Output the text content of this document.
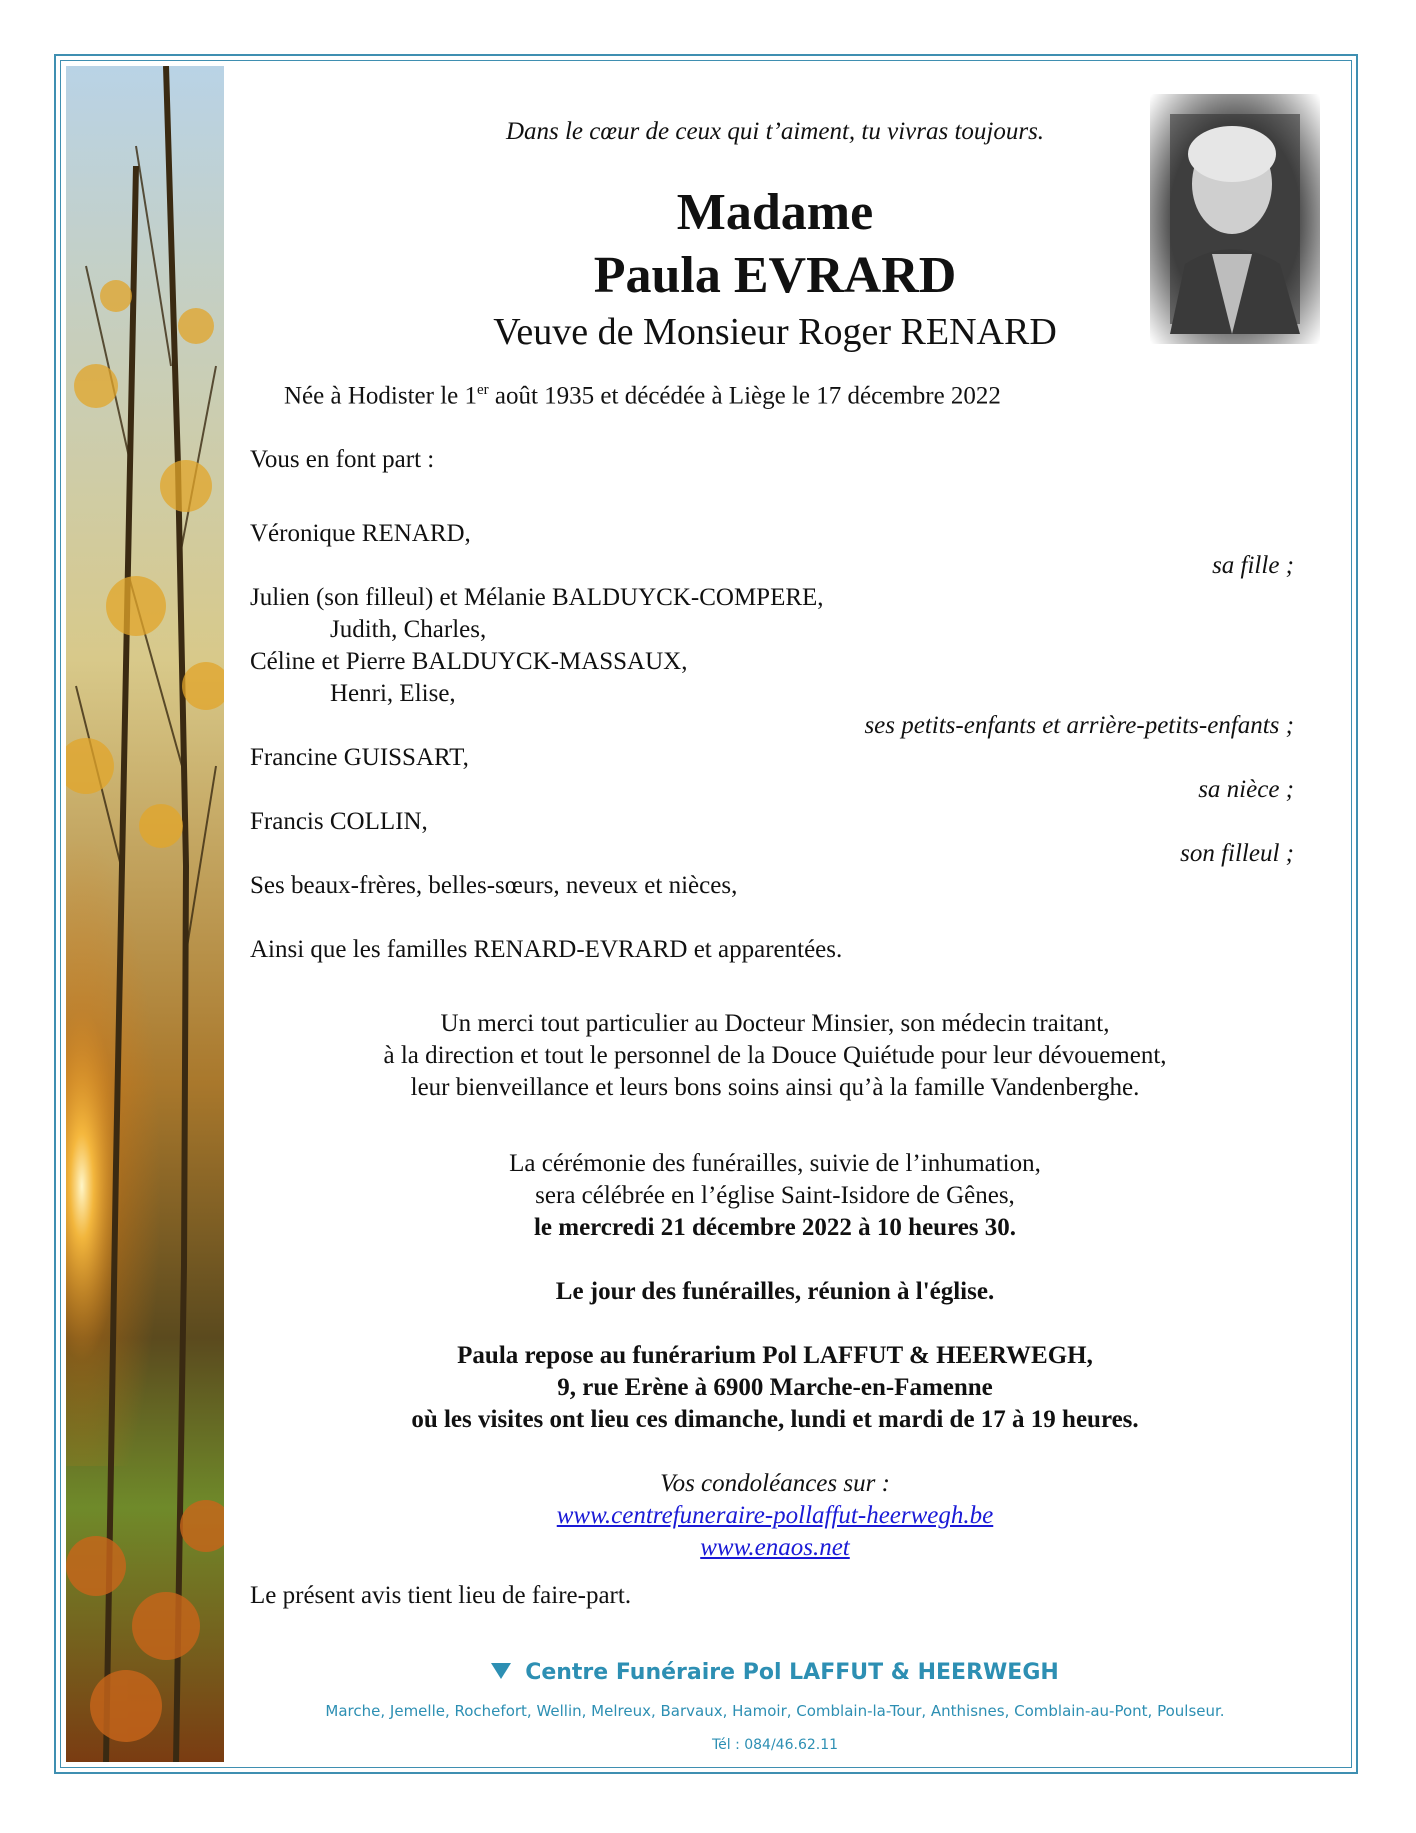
Dans le cœur de ceux qui t’aiment, tu vivras toujours.
Madame
Paula EVRARD
Veuve de Monsieur Roger RENARD
Née à Hodister le 1er août 1935 et décédée à Liège le 17 décembre 2022
Vous en font part :
Véronique RENARD,
sa fille ;
Julien (son filleul) et Mélanie BALDUYCK-COMPERE,
Judith, Charles,
Céline et Pierre BALDUYCK-MASSAUX,
Henri, Elise,
ses petits-enfants et arrière-petits-enfants ;
Francine GUISSART,
sa nièce ;
Francis COLLIN,
son filleul ;
Ses beaux-frères, belles-sœurs, neveux et nièces,
Ainsi que les familles RENARD-EVRARD et apparentées.
Un merci tout particulier au Docteur Minsier, son médecin traitant,
à la direction et tout le personnel de la Douce Quiétude pour leur dévouement,
leur bienveillance et leurs bons soins ainsi qu’à la famille Vandenberghe.
La cérémonie des funérailles, suivie de l’inhumation,
sera célébrée en l’église Saint-Isidore de Gênes,
le mercredi 21 décembre 2022 à 10 heures 30.
Le jour des funérailles, réunion à l'église.
Paula repose au funérarium Pol LAFFUT & HEERWEGH,
9, rue Erène à 6900 Marche-en-Famenne
où les visites ont lieu ces dimanche, lundi et mardi de 17 à 19 heures.
Vos condoléances sur :
www.centrefuneraire-pollaffut-heerwegh.be
www.enaos.net
Le présent avis tient lieu de faire-part.
Centre Funéraire Pol LAFFUT & HEERWEGH
Marche, Jemelle, Rochefort, Wellin, Melreux, Barvaux, Hamoir, Comblain-la-Tour, Anthisnes, Comblain-au-Pont, Poulseur.
Tél : 084/46.62.11
